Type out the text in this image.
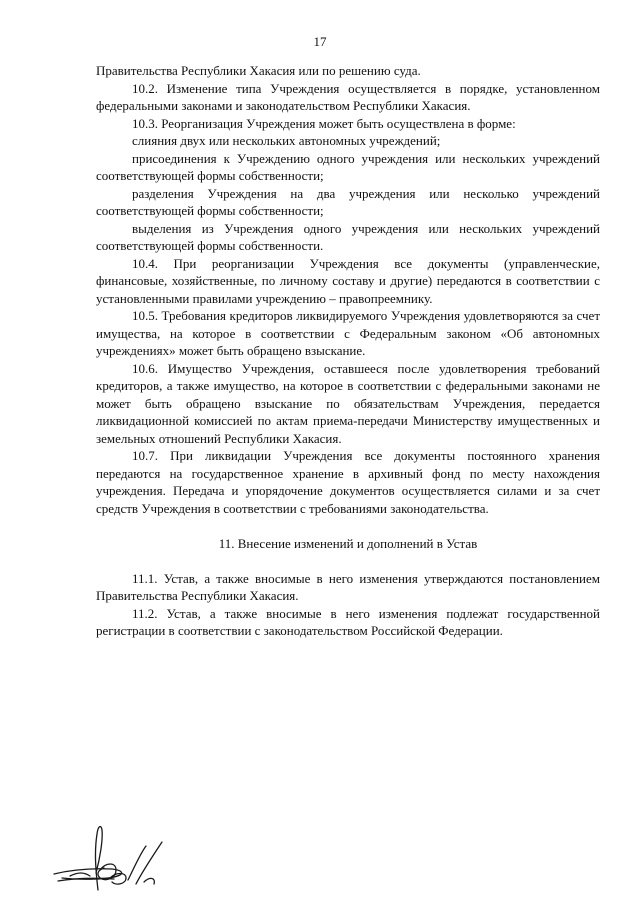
17

Правительства Республики Хакасия или по решению суда.

10.2. Изменение типа Учреждения осуществляется в порядке, установленном федеральными законами и законодательством Республики Хакасия.

10.3. Реорганизация Учреждения может быть осуществлена в форме:

слияния двух или нескольких автономных учреждений;

присоединения к Учреждению одного учреждения или нескольких учреждений соответствующей формы собственности;

разделения Учреждения на два учреждения или несколько учреждений соответствующей формы собственности;

выделения из Учреждения одного учреждения или нескольких учреждений соответствующей формы собственности.

10.4. При реорганизации Учреждения все документы (управленческие, финансовые, хозяйственные, по личному составу и другие) передаются в соответствии с установленными правилами учреждению – правопреемнику.

10.5. Требования кредиторов ликвидируемого Учреждения удовлетворяются за счет имущества, на которое в соответствии с Федеральным законом «Об автономных учреждениях» может быть обращено взыскание.

10.6. Имущество Учреждения, оставшееся после удовлетворения требований кредиторов, а также имущество, на которое в соответствии с федеральными законами не может быть обращено взыскание по обязательствам Учреждения, передается ликвидационной комиссией по актам приема-передачи Министерству имущественных и земельных отношений Республики Хакасия.

10.7. При ликвидации Учреждения все документы постоянного хранения передаются на государственное хранение в архивный фонд по месту нахождения учреждения. Передача и упорядочение документов осуществляется силами и за счет средств Учреждения в соответствии с требованиями законодательства.

11. Внесение изменений и дополнений в Устав

11.1. Устав, а также вносимые в него изменения утверждаются постановлением Правительства Республики Хакасия.

11.2. Устав, а также вносимые в него изменения подлежат государственной регистрации в соответствии с законодательством Российской Федерации.
